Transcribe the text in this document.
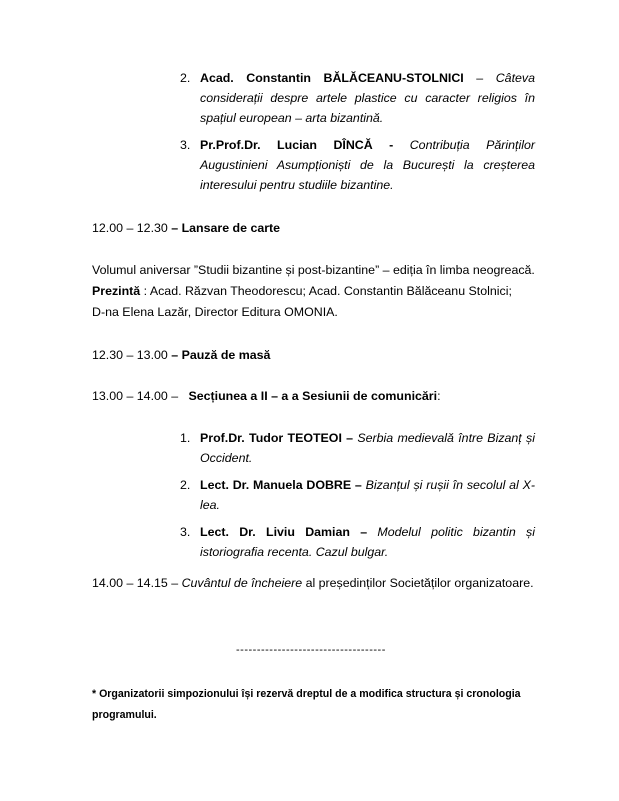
2. Acad. Constantin BĂLĂCEANU-STOLNICI – Câteva considerații despre artele plastice cu caracter religios în spațiul european – arta bizantină.
3. Pr.Prof.Dr. Lucian DÎNCĂ - Contribuția Părinților Augustinieni Asumpționiști de la București la creșterea interesului pentru studiile bizantine.
12.00 – 12.30 – Lansare de carte
Volumul aniversar ”Studii bizantine și post-bizantine” – ediția în limba neogreacă.
Prezintă : Acad. Răzvan Theodorescu; Acad. Constantin Bălăceanu Stolnici;
D-na Elena Lazăr, Director Editura OMONIA.
12.30 – 13.00 – Pauză de masă
13.00 – 14.00 – Secțiunea a II – a a Sesiunii de comunicări:
1. Prof.Dr. Tudor TEOTEOI – Serbia medievală între Bizanț și Occident.
2. Lect. Dr. Manuela DOBRE – Bizanțul și rușii în secolul al X-lea.
3. Lect. Dr. Liviu Damian – Modelul politic bizantin și istoriografia recenta. Cazul bulgar.
14.00 – 14.15 – Cuvântul de încheiere al președinților Societăților organizatoare.
------------------------------------
* Organizatorii simpozionului își rezervă dreptul de a modifica structura și cronologia programului.
